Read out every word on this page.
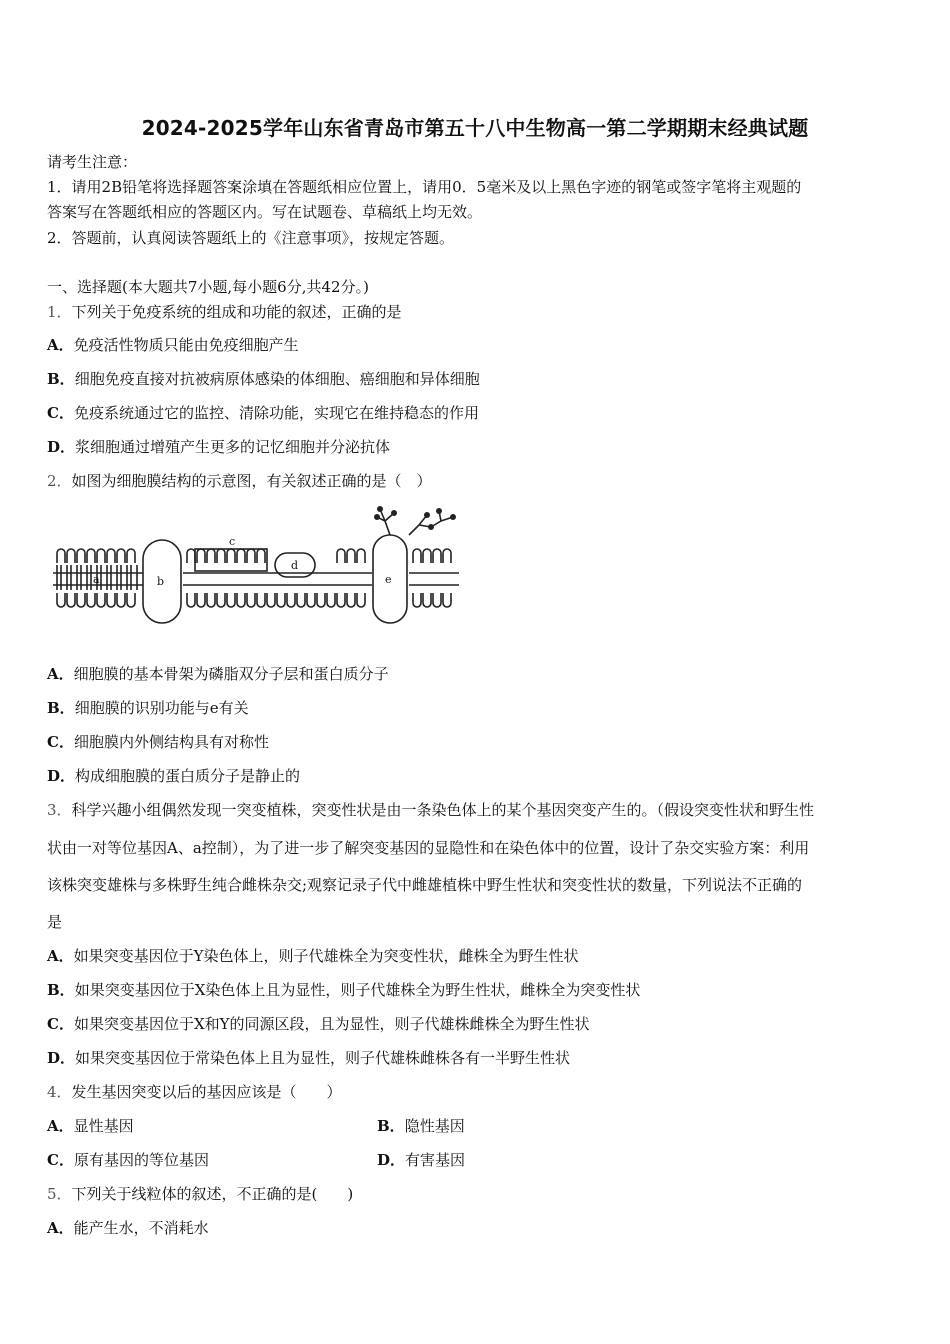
2024-2025学年山东省青岛市第五十八中生物高一第二学期期末经典试题
请考生注意：
1．请用2B铅笔将选择题答案涂填在答题纸相应位置上，请用0．5毫米及以上黑色字迹的钢笔或签字笔将主观题的
答案写在答题纸相应的答题区内。写在试题卷、草稿纸上均无效。
2．答题前，认真阅读答题纸上的《注意事项》，按规定答题。
一、选择题(本大题共7小题,每小题6分,共42分。)
1．下列关于免疫系统的组成和功能的叙述，正确的是
A．免疫活性物质只能由免疫细胞产生
B．细胞免疫直接对抗被病原体感染的体细胞、癌细胞和异体细胞
C．免疫系统通过它的监控、清除功能，实现它在维持稳态的作用
D．浆细胞通过增殖产生更多的记忆细胞并分泌抗体
2．如图为细胞膜结构的示意图，有关叙述正确的是（　）
a	b
c
d
e
A．细胞膜的基本骨架为磷脂双分子层和蛋白质分子
B．细胞膜的识别功能与e有关
C．细胞膜内外侧结构具有对称性
D．构成细胞膜的蛋白质分子是静止的
3．科学兴趣小组偶然发现一突变植株，突变性状是由一条染色体上的某个基因突变产生的。（假设突变性状和野生性
状由一对等位基因A、a控制），为了进一步了解突变基因的显隐性和在染色体中的位置，设计了杂交实验方案：利用
该株突变雄株与多株野生纯合雌株杂交;观察记录子代中雌雄植株中野生性状和突变性状的数量，下列说法不正确的
是
A．如果突变基因位于Y染色体上，则子代雄株全为突变性状，雌株全为野生性状
B．如果突变基因位于X染色体上且为显性，则子代雄株全为野生性状，雌株全为突变性状
C．如果突变基因位于X和Y的同源区段，且为显性，则子代雄株雌株全为野生性状
D．如果突变基因位于常染色体上且为显性，则子代雄株雌株各有一半野生性状
4．发生基因突变以后的基因应该是（　　）
A．显性基因	B．隐性基因
C．原有基因的等位基因	D．有害基因
5．下列关于线粒体的叙述，不正确的是(　　)
A．能产生水，不消耗水
